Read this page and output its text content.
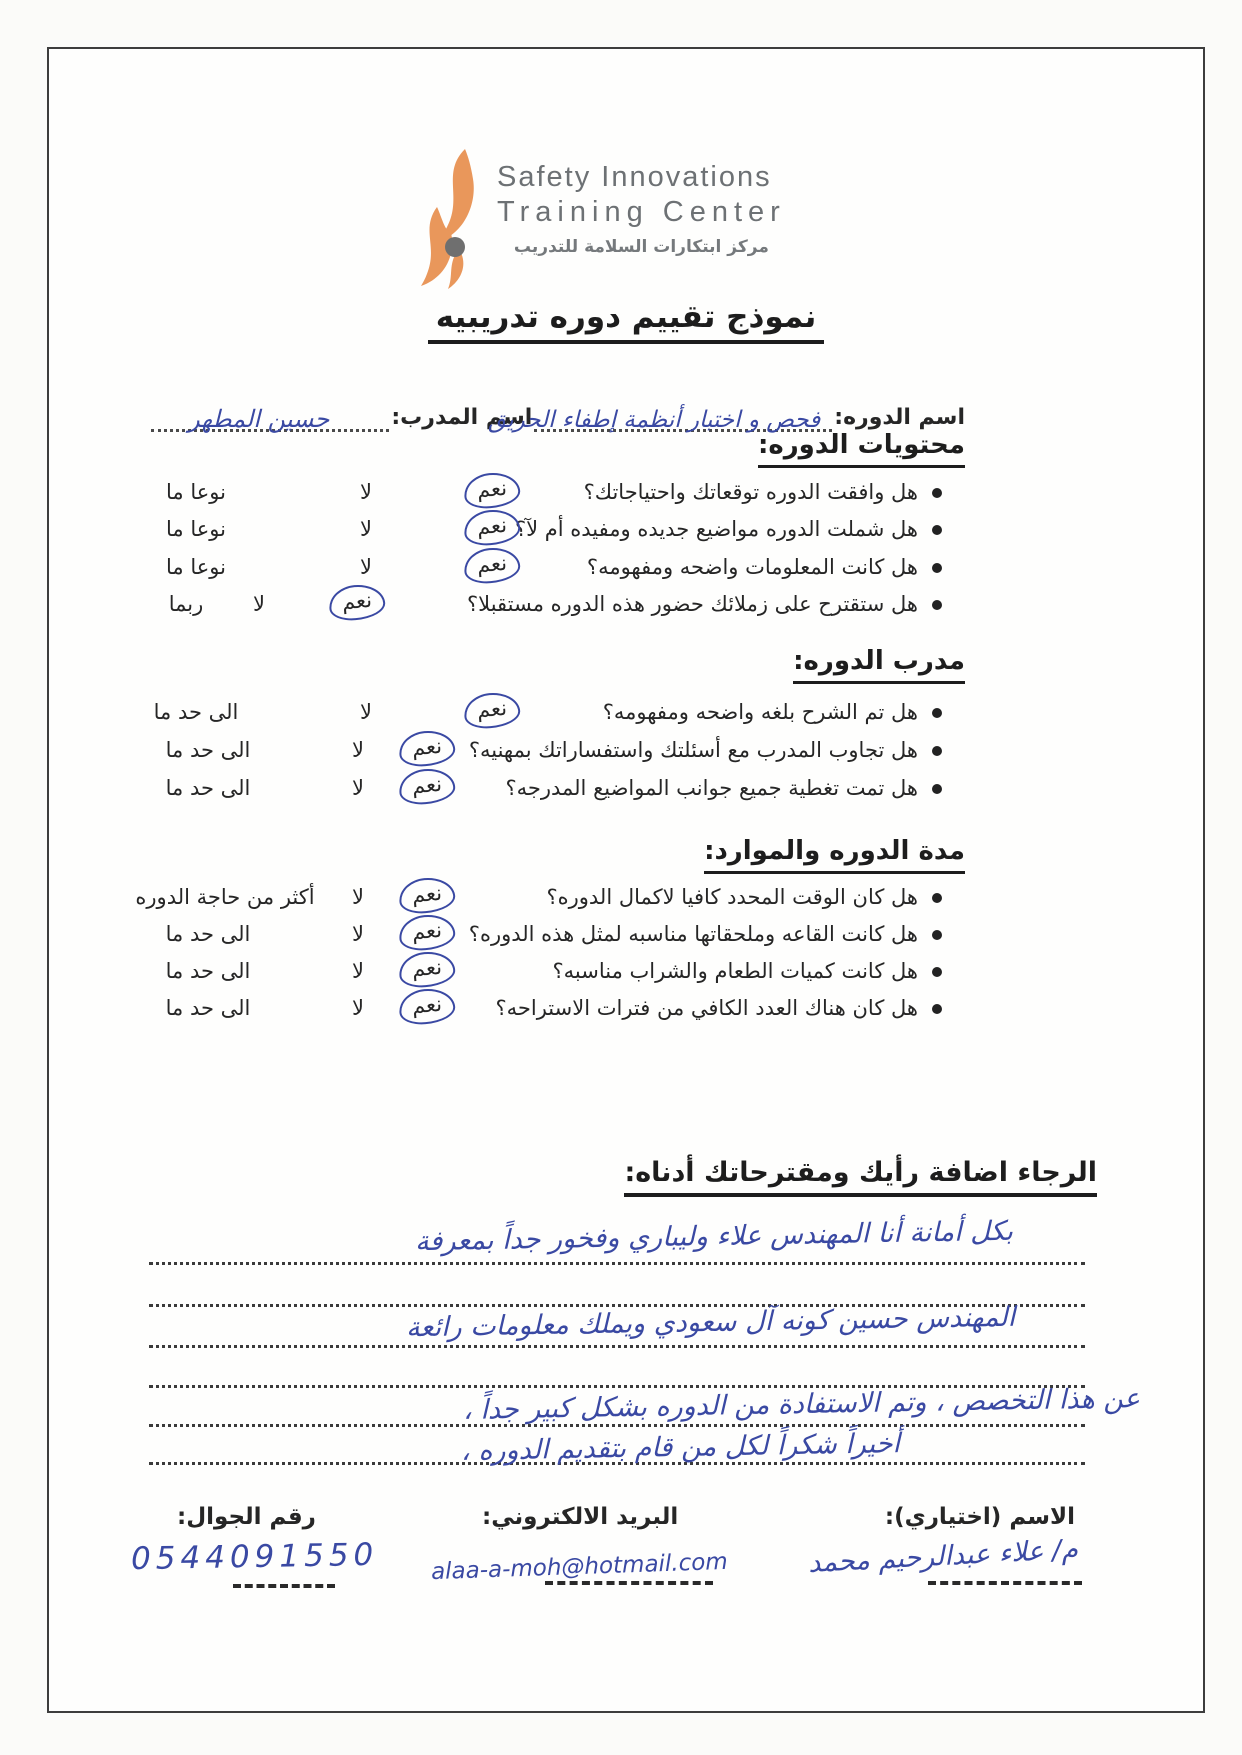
Safety Innovations
Training Center
مركز ابتكارات السلامة للتدريب
نموذج تقييم دوره تدريبيه
اسم الدوره:
فحص و اختبار أنظمة إطفاء الحريق
اسم المدرب:
حسين المطهر
محتويات الدوره:
هل وافقت الدوره توقعاتك واحتياجاتك؟
نعم
لا
نوعا ما
هل شملت الدوره مواضيع جديده ومفيده أم لآ؟
نعم
لا
نوعا ما
هل كانت المعلومات واضحه ومفهومه؟
نعم
لا
نوعا ما
هل ستقترح على زملائك حضور هذه الدوره مستقبلا؟
نعم
لا
ربما
مدرب الدوره:
هل تم الشرح بلغه واضحه ومفهومه؟
نعم
لا
الى حد ما
هل تجاوب المدرب مع أسئلتك واستفساراتك بمهنيه؟
نعم
لا
الى حد ما
هل تمت تغطية جميع جوانب المواضيع المدرجه؟
نعم
لا
الى حد ما
مدة الدوره والموارد:
هل كان الوقت المحدد كافيا لاكمال الدوره؟
نعم
لا
أكثر من حاجة الدوره
هل كانت القاعه وملحقاتها مناسبه لمثل هذه الدوره؟
نعم
لا
الى حد ما
هل كانت كميات الطعام والشراب مناسبه؟
نعم
لا
الى حد ما
هل كان هناك العدد الكافي من فترات الاستراحه؟
نعم
لا
الى حد ما
الرجاء اضافة رأيك ومقترحاتك أدناه:
بكل أمانة أنا المهندس علاء وليباري وفخور جداً بمعرفة
المهندس حسين كونه آل سعودي ويملك معلومات رائعة
عن هذا التخصص ، وتم الاستفادة من الدوره بشكل كبير جداً ،
أخيراً شكراً لكل من قام بتقديم الدوره ،
الاسم (اختياري):
البريد الالكتروني:
رقم الجوال:
م/ علاء عبدالرحيم محمد
alaa-a-moh@hotmail.com
0544091550
